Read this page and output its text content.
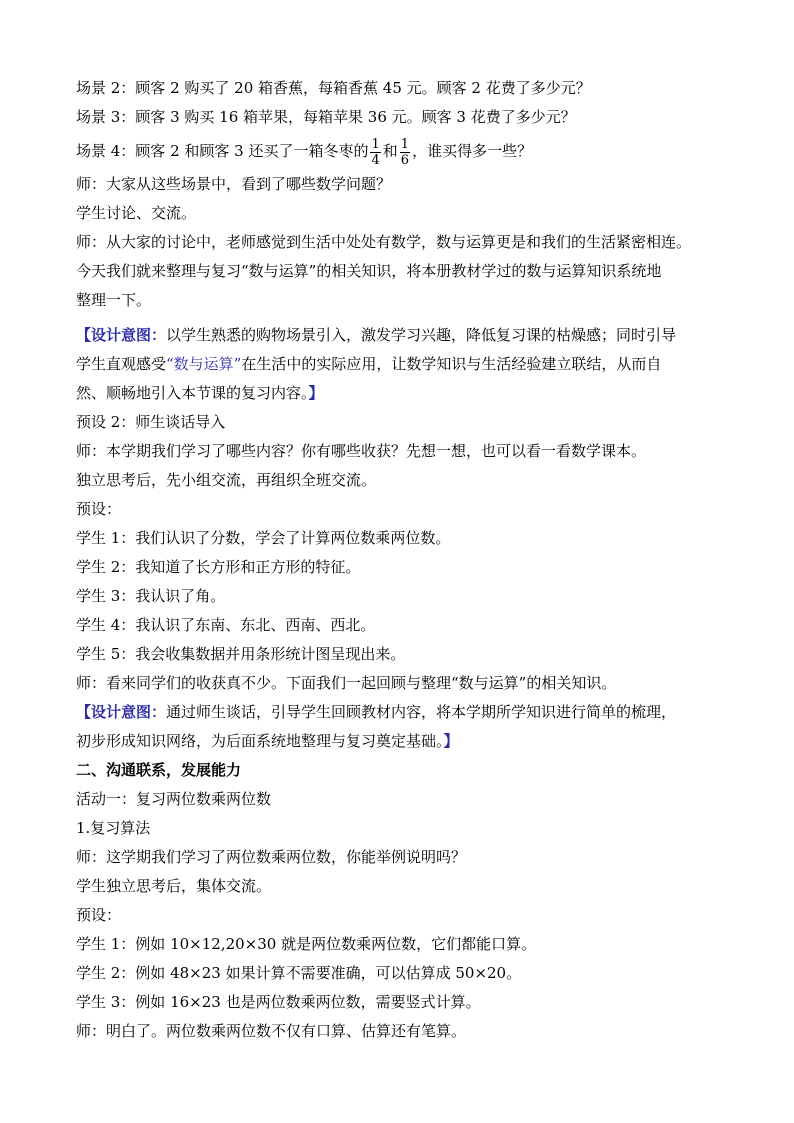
场景 2：顾客 2 购买了 20 箱香蕉，每箱香蕉 45 元。顾客 2 花费了多少元？
场景 3：顾客 3 购买 16 箱苹果，每箱苹果 36 元。顾客 3 花费了多少元？
场景 4：顾客 2 和顾客 3 还买了一箱冬枣的 $\frac{1}{4}$ 和 $\frac{1}{6}$ ，谁买得多一些？
师：大家从这些场景中，看到了哪些数学问题？
学生讨论、交流。
师：从大家的讨论中，老师感觉到生活中处处有数学，数与运算更是和我们的生活紧密相连。
今天我们就来整理与复习“数与运算”的相关知识，将本册教材学过的数与运算知识系统地
整理一下。
【设计意图：以学生熟悉的购物场景引入，激发学习兴趣，降低复习课的枯燥感；同时引导
学生直观感受“数与运算”在生活中的实际应用，让数学知识与生活经验建立联结，从而自
然、顺畅地引入本节课的复习内容。】
预设 2：师生谈话导入
师：本学期我们学习了哪些内容？你有哪些收获？先想一想，也可以看一看数学课本。
独立思考后，先小组交流，再组织全班交流。
预设：
学生 1：我们认识了分数，学会了计算两位数乘两位数。
学生 2：我知道了长方形和正方形的特征。
学生 3：我认识了角。
学生 4：我认识了东南、东北、西南、西北。
学生 5：我会收集数据并用条形统计图呈现出来。
师：看来同学们的收获真不少。下面我们一起回顾与整理“数与运算”的相关知识。
【设计意图：通过师生谈话，引导学生回顾教材内容，将本学期所学知识进行简单的梳理，
初步形成知识网络，为后面系统地整理与复习奠定基础。】
二、沟通联系，发展能力
活动一：复习两位数乘两位数
1.复习算法
师：这学期我们学习了两位数乘两位数，你能举例说明吗？
学生独立思考后，集体交流。
预设：
学生 1：例如 10×12,20×30 就是两位数乘两位数，它们都能口算。
学生 2：例如 48×23 如果计算不需要准确，可以估算成 50×20。
学生 3：例如 16×23 也是两位数乘两位数，需要竖式计算。
师：明白了。两位数乘两位数不仅有口算、估算还有笔算。
